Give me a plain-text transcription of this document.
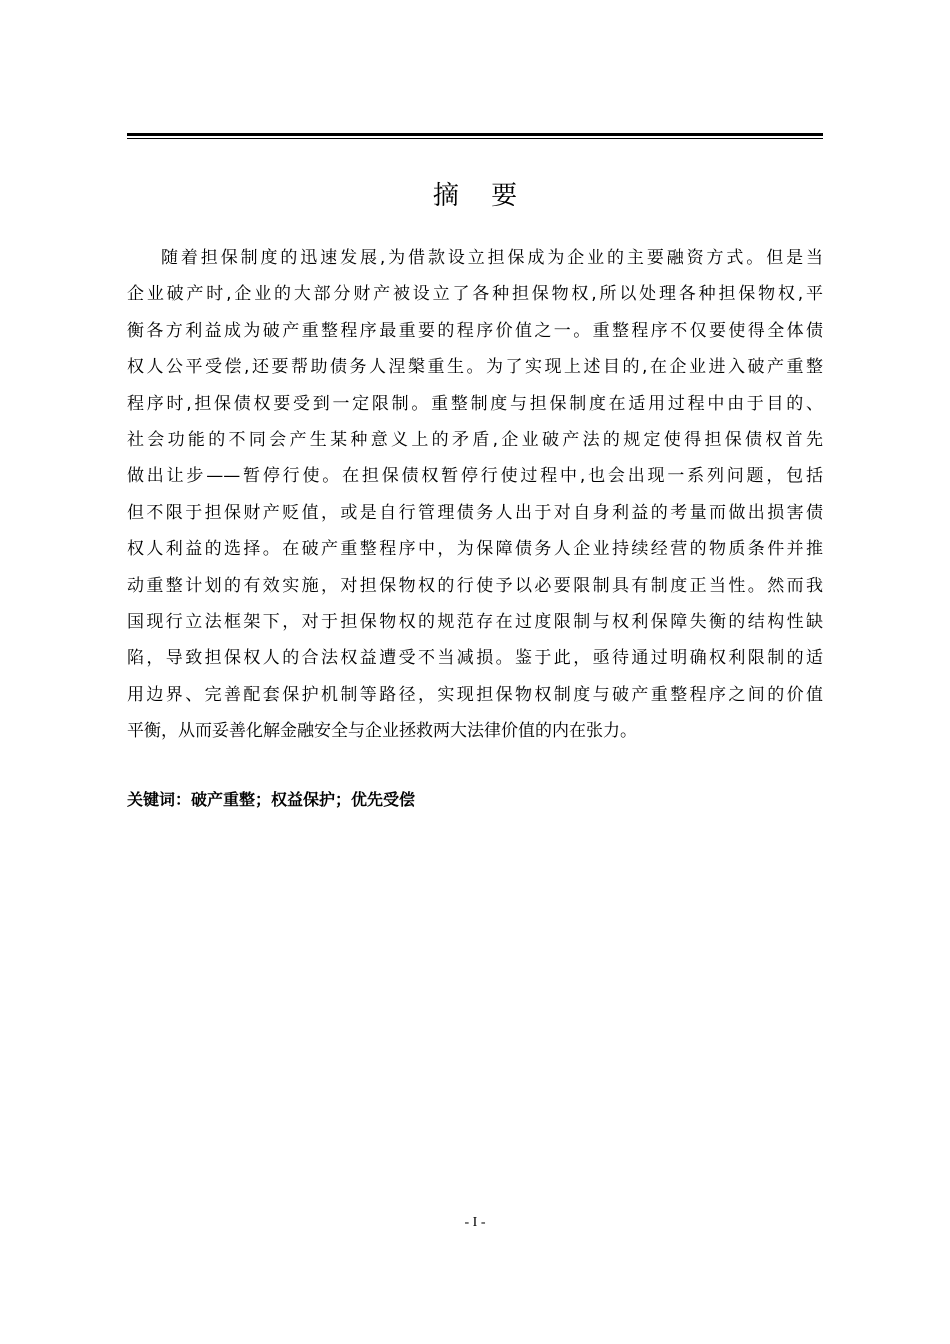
摘 要
随着担保制度的迅速发展,为借款设立担保成为企业的主要融资方式。但是当
企业破产时,企业的大部分财产被设立了各种担保物权,所以处理各种担保物权,平
衡各方利益成为破产重整程序最重要的程序价值之一。重整程序不仅要使得全体债
权人公平受偿,还要帮助债务人涅槃重生。为了实现上述目的,在企业进入破产重整
程序时,担保债权要受到一定限制。重整制度与担保制度在适用过程中由于目的、
社会功能的不同会产生某种意义上的矛盾,企业破产法的规定使得担保债权首先
做出让步——暂停行使。在担保债权暂停行使过程中,也会出现一系列问题，包括
但不限于担保财产贬值，或是自行管理债务人出于对自身利益的考量而做出损害债
权人利益的选择。在破产重整程序中，为保障债务人企业持续经营的物质条件并推
动重整计划的有效实施，对担保物权的行使予以必要限制具有制度正当性。然而我
国现行立法框架下，对于担保物权的规范存在过度限制与权利保障失衡的结构性缺
陷，导致担保权人的合法权益遭受不当减损。鉴于此，亟待通过明确权利限制的适
用边界、完善配套保护机制等路径，实现担保物权制度与破产重整程序之间的价值
平衡，从而妥善化解金融安全与企业拯救两大法律价值的内在张力。
关键词：破产重整；权益保护；优先受偿
- I -
